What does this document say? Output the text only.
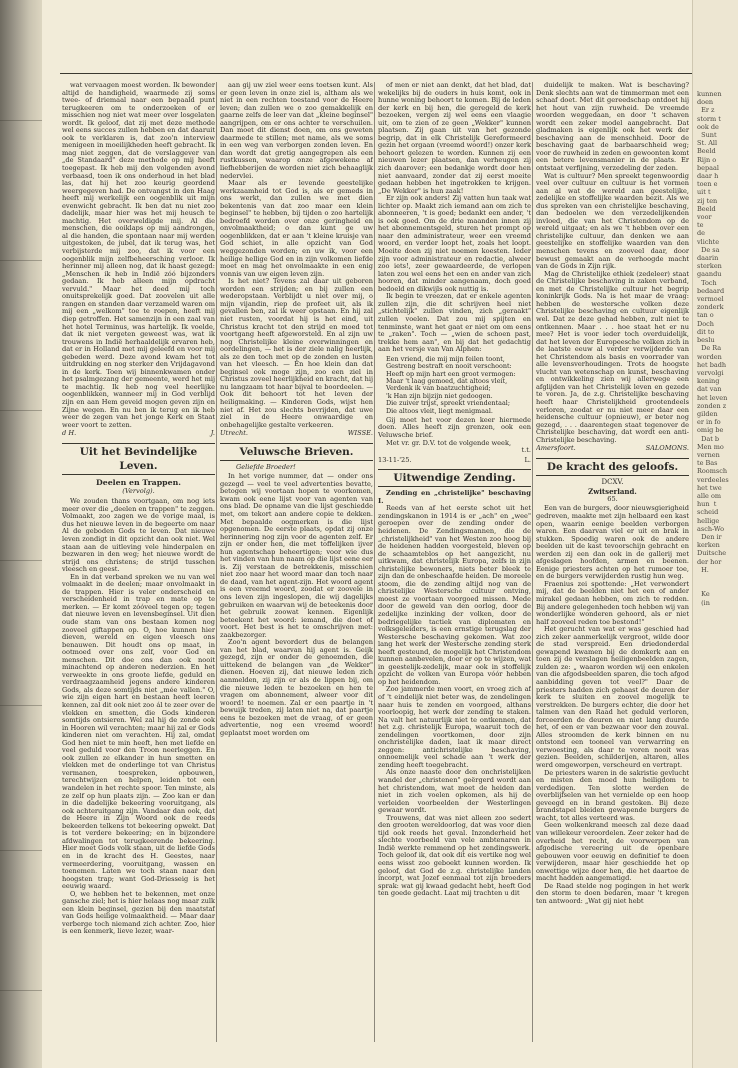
wat vervaagen moest worden. Ik bewonder altijd de handigheid, waarmede zij soms twee- of driemaal naar een bepaald punt terugkeeren om te onderzoeken of er misschien nog niet wat meer over losgelaten wordt. Ik geloof, dat zij met deze methode wel eens succes zullen hebben en dat daaruit ook te verklaren is, dat zoo'n interview menigeen in moeilijkheden heeft gebracht. Ik mag niet zeggen, dat de verslaggever van „de Standaard" deze methode op mij heeft toegepast. Ik heb mij den volgenden avond verbaasd, toen ik ons onderhoud in het blad las, dat hij het zoo keurig geordend weergegeven had. De ontvangst in den Haag heeft mij werkelijk een oogenblik uit mijn evenwicht gebracht. Ik ben dat nu niet zoo dadelijk, maar hier was het mij heusch te machtig. Het overweldigde mij. Al die menschen, die ooiklaps op mij aandrongen, al die handen, die spontaan naar mij werden uitgestoken, de jubel, dat ik terug was, het verbijsterde mij zoo, dat ik voor een oogenblik mijn zelfbeheersching verloor. Ik herinner mij alleen nog, dat ik haast gezegd: „Menschen ik heb in Indië zóó bijzonders gedaan. Ik heb alleen mijn opdracht vervuld." Maar het deed mij toch onuitsprekelijk goed. Dat zoovelen uit alle rangen en standen daar verzameld waren om mij een „welkom" toe te roepen, heeft mij diep getroffen. Het samenzijn in een zaal van het hotel Terminus, was hartelijk. Ik voelde, dat ik niet vergeten geweest was, wat ik trouwens in Indië herhaaldelijk ervaren heb, dat er in Holland met mij geleefd en voor mij gebeden werd. Deze avond kwam het tot uitdrukking en nog sterker den Vrijdagavond in de kerk. Toen wij binnenkwamen onder het psalmgezang der gemeente, werd het mij te machtig. Ik heb nog veel heerlijke oogenblikken, wanneer mij in God verblijd zijn en aan Hem geveid mogen geven zijn en Zijne wegen. En nu ben ik terug en ik heb weer de zegen van het jonge Kerk en Staat weer voort te zetten.

d H.	J.
Uit het Bevindelijke Leven.
Deelen en Trappen.
(Vervolg).

We zouden thans voortgaan, om nog iets meer over die „deelen en trappen" te zeggen. Volmaakt, zoo zagen we de vorige maal, is dus het nieuwe leven in de begeerte om naar Al de geboden Gods te leven. Dat nieuwe leven zondigt in dit opzicht dan ook niet. Wel staan aan de uitleving vele hinderpalen en bezwaren in den weg; het nieuwe wordt de strijd ons christens; de strijd tusschen vleesch en geest.

En in dat verband spreken we nu van wel volmaakt in de deelen; maar onvolmaakt in de trappen. Hier is veler onderscheid en verscheidenheid in trap en mate op te merken. — Er komt zóóveel tegen op; tegen dat nieuwe leven en levensbeginsel. Uit dien oude stam van ons bestaan komen nog zooveel giftappen op. O, hoe kunnen hier dieven, wereld en eigen vleesch ons benauwen. Dit houdt ons op maat, in ootmoed over ons zelf, voor God en menschen. Dit doe ons dan ook nooit minachtend op anderen nederzien. En het verweekte in ons groote liefde, geduld en verdraagzaamheid jegens andere kinderen Gods, als deze somtijds niet „mée vallen." O, wie zijn eigen hart en bestaan heeft leeren kennen, zal dit ook niet zoo ál te zeer over de vlekken en smetten, die Gods kinderen somtijds ontsieren. Wel zal hij de zonde ook in Hooren wil verachten; maar hij zal er Gods kinderen niet om verachten. Hij zal, omdat God hen niet te min heeft, hen met liefde en veel geduld voor den Troon neerleggen. En ook zullen ze elkander in hun smetten en vlekken met de onderlinge tot van Christus vermanen, toespreken, opbouwen, terechtwijzen en helpen, leiden tot een wandelen in het rechte spoor. Ten minste, als ze zelf op hun plaats zijn. — Zoo kan er dan in die dadelijke bekeering vooruitgang, als ook achteruitgang zijn. Vandaar dan ook, dat de Heere in Zijn Woord ook de reeds bekeerden telkens tot bekeering opwekt. Dat is tot verdere bekeering; en in bijzondere afdwalingen tot terugkeerende bekeering. Hier moet Gods volk staan, uit de liefde Gods en in de kracht des H. Geestes, naar vermeerdering, vooruitgang, wassen en toenemen. Laten we toch staan naar den hoogsten trap; want God-Driesseig is het eeuwig waard.

O, we hebben het te bekennen, met onze gansche ziel; het is hier helaas nog maar zulk een klein beginsel, gezien bij den maatstaf van Gods heilige volmaaktheid. — Maar daar verberge toch niemand zich achter. Zoo, hier is een kenmerk, lieve lezer, waar-

aan gij uw ziel weer eens toetsen kunt. Als er geen leven in onze ziel is, altham als we niet in een rechten toestand voor de Heere leven; dan zullen we o zoo gemakkelijk en gaarne zelfs de leer van dat „kleine beginsel" aangrijpen, om er ons achter te verschuilen. Dan moet dit dienst doen, om ons geweten daarmede te stillen; met name, als we soms in een weg van verborgen zonden leven. En dan wordt dat gretig aangegrepen als een rustkussen, waarop onze afgewekene af liefhebberijen de worden niet zich behaaglijk nedervlei.

Maar als er levende geestelijke werkzaamheid tot God is, als er gemeds in ons werkt, dan zullen we met dien bekentenis van dat zoo maar een klein beginsel" te hebben, bij tijden o zoo hartelijk bedroefd worden over onze geringheid en onvolmaaktheid; o dan kunt ge uw oogenblikken, dat er aan 't kleine kruisje van God schiet, in alle opzicht van God weggezonden worden; en uw ik, voor een heilige hellige God en in zijn volkomen liefde moet en mag het onvolmaakte in een enig vonnis van uw eigen leven zijn.

Is het niet? Tevens zal daar uit geboren worden een strijden; en bij zullen een wederopstaan. Verblijdt u niet over mij, o mijn vijandin, riep de profeet uit, als ik gevallen ben, zal ik weer opstaan. En hij zal niet rusten, voordat hij is het eind, uit Christus kracht tot den strijd en moed tot voortgang heeft afgeworsteld. En al zijn uw nog Christelijke kleine overwinningen en oordelingen, — het is der ziele nalig heerlijk, als ze den toch met op de zonden en lusten van het vleesch. — En hoe klein dan dat beginsel ook moge zijn, zoo een ziel in Christus zoveel heerlijkheid en kracht, dat hij nu langzaam tot haar bijval te boordeelen. — Ook dit behoort tot het leven der heiligmaking. — Kinderen Gods, wijst hen niet af. Het zou slechts bevrijden, dat uwe ziel in de Heere onwaardige en onbehagelijke gestalte verkeeren.

Utrecht.	WISSE.
Veluwsche Brieven.
Geliefde Broeder!

In het vorige nummer, dat — onder ons gezegd — veel te veel advertenties bevatte, betogen wij voortaan hopen te voorkomen, kwam ook eene lijst voor van agenten van ons blad. De opname van die lijst geschiedde met, om tekort aan andere copie te dekken. Met bepaalde oogmerken is die lijst opgenomen. De eerste plaats, opdat zij onze herinnering nog zijn voor de agenten zelf. Er zijn er onder hen, die met toffelijken ijver hun agentschap beheertigen; voor wie dus het vinden van hun naam op die lijst eene eer is. Zij verstaan de betrekkenis, misschien niet zoo naar het woord maar dan toch naar de daad, van het agent-zijn. Het woord agent is een vreemd woord, zoodat er zoovele in ons leven zijn ingeslopen, die wij dagelijks gebruiken en waarvan wij de beteekenis door het gebruik zoowat kennen. Eigenlijk beteekent het woord: iemand, die doet of voort. Het best is het te omschrijven met: zaakbezorger.

Zoo'n agent bevordert dus de belangen van het blad, waarvan hij agent is. Geijk gezegd, zijn er onder de genoemden, die uittekend de belangen van „de Wekker" dienen. Hoeven zij, dat nieuwe leden zich aanmelden, zij zijn er als de lippen bij, om die nieuwe leden te bezoeken en hen te vragen om abonnement, alweer voor dit woord! te noemen. Zal er een paartje in 't bewuijk treden, zij laten niet na, dat paartje eens te bezoeken met de vraag, of er geen advertentie, nog een vreemd woord! geplaatst moet worden om

of men er niet aan denkt, dat het blad, dat wekelijks bij de ouders in huis komt, ook in hunne woning behoort te komen. Bij de leden der kerk en bij hen, die geregeld de kerk bezoeken, vergen zij wel eens een vlaagie uit, om te zien of ze geen „Wekker" kunnen plaatsen. Zij gaan uit van het gezonde begrip, dat in elk Christelijk Gereformeerd gezin het orgaan (vreemd woord!) onzer kerk behoort gelezen te worden. Kunnen zij een nieuwen lezer plaatsen, dan verheugen zij zich daarover; een bedankje wordt door hen niet aanvaard, zonder dat zij eerst moeite gedaan hebben het ingetrokken te krijgen. „De Wekker" is hun zaak!

Er zijn ook anders! Zij vatten hun taak wat lichter op. Maakt zich iemand aan om zich te abonneeren, 't is goed; bedankt een ander, 't is ook goed. Om de drie maanden innen zij het abonnementsgeld, sturen het prompt op naar den administrateur, weer een vreemd woord, en verder loopt het, zoals het loopt. Moeite doen zij niet noemen koesten. Ieder zijn voor administrateur en redactie, alweer zoo iets!, zeer gewaardeerde, de verlopen laten zou wel eens het een en ander van zich hooren, dat minder aangenaam, doch goed bedoeld en dikwijls ook nuttig is.

Ik begin te vreezen, dat er enkele agenten zullen zijn, die dit schrijven heel niet „stichtelijk" zullen vinden, zich „geraakt" zullen voelen. Dat zou mij spijten en tenminste, want het gaat er niet om om eens te „raken". Toch — „wien de schoen past, trekke hem aan", en bij dat het gedachtig aan het versje van Van Alphen:

Een vriend, die mij mijn feilen toont,
Gestreng bestraft en nooit verschoont:
Heeft op mijn hart een groot vermogen:
Maar 't laag gemoed, dat altoos vleit,
Verdenk ik van baatzuchtigheid;
'k Han zijn bijzijn niet gedoogen.
Die zuiver trijst, spreekt vriendentaal;
Die altoos vleit, liegt menigmaal.

Gij moet het voor dezen keer hiermede doen. Alles heeft zijn grenzen, ook een Veluwsche brief.

Met vr. gr. D.V. tot de volgende week,

t.t.
13-11-'25.	L.
Uitwendige Zending.

Zending en „christelijke" beschaving I.

Reeds van af het eerste schot uit het zendingskanon in 1914 is er „ach" en „wee" geroepen over de zending onder de heidenen. De Zendingsmannen, die de „christelijkheid" van het Westen zoo hoog bij de heidenen hadden voorgesteld, bleven op de schaamteblos op het aangezicht, nu uitkwam, dat christelijk Europa, zelfs in zijn christelijke bewoners, niets beter bleek te zijn dan de onbeschaafde heiden. De moreele stoom, die de zending altijd nog van de christelijke Westersche cultuur ontving, moest ze voortaan voorgoed missen. Mede door de geweld van den oorlog, door de zedelijke inzinking der volken, door de bedriegelijke tactiek van diplomaten en volksgeleiders, is een ernstige terugslag der Westersche beschaving gekomen. Wat zoo lang het werk der Westersche zending sterk heeft gesteund, de mogelijk het Christendom kunnen aanbevelen, door er op te wijzen, wat in geestelijk-zedelijk, maar ook in stoffelijk opzicht de volken van Europa vóór hebben op het heidendom.

Zoo jammerde men voort, en vroeg zich af of 't eindelijk niet beter was, de zendelingen naar huis te zenden en voorgoed, althans voorloopig, het werk der zending te staken. Na valt het natuurlijk niet te ontkennen, dat het z.g. christelijk Europa, waaruit toch de zendelingen voortkomen, door zijn onchristelijke daden, laat ik maar direct zeggen: antichristelijke beschaving, onnoemelijk veel schade aan 't werk der zending heeft toegebracht.

Als onze naaste door den onchristelijken wandel der „christenen" geërgerd wordt aan het christendom, wat moet de heiden dan niet in zich voelen opkomen, als hij de verleiden voorbeelden der Westerlingen gewaar wordt.

Trouwens, dat was niet alleen zoo sedert den grooten wereldoorlog, dat was voor dien tijd ook reeds het geval. Inzonderheid het slechte voorbeeld van vele ambtenaren in Indië werkte remmend op het zendingswerk. Toch geloof ik, dat ook dit eis vertike nog wel eens wisst zoo geboekt kunnen worden. Ik geloof, dat God de z.g. christelijke landen incorpt, wat Jozef eenmaal tot zijn broeders sprak: wat gij kwaad gedacht hebt, heeft God ten goede gedacht. Laat mij trachten u dit

duidelijk te maken. Wat is beschaving? Denk slechts aan wat de timmerman met een schaaf doet. Met dit gereedschap ontdoet hij het hout van zijn ruwheid. De vreemde woorden weggedaan, en door 't schaven wordt een zeker model aangebracht. Dat gladmaken is eigenlijk ook het werk der beschaving aan de menschheid. Door de beschaving gaat de barbaarschheid weg; voor de ruwheid in zeden en gewoonten komt een betere levensmanier in de plaats. Er ontstaat verfijning, verzedeling der zeden.

Wat is cultuur? Men spreekt tegenwoordig veel over cultuur en cultuur is het vormen aan al wat de wereld aan geestelijke, zedelijke en stoffelijke waarden bezit. Als we dus spreken van een christelijke beschaving, dan bedoelen we den verzedelijkenden invloed, die van het Christendom op de wereld uitgaat; en als we 't hebben over een christelijke cultuur, dan denken we aan geestelijke en stoffelijke waarden van den menschen tevens en zooveel daar, door bewust gemaakt aan de verhoogde macht van de Gods in Zijn rijk.

Mag de Christelijke ethiek (zedeleer) staat de Christelijke beschaving in zaken verband, en met de Christelijke cultuur het begrip koninkrijk Gods. Na is het maar de vraag: hebben de westersche volken deze Christelijke beschaving en cultuur eigenlijk wel. Dat ze deze gehad hebben, zult niet te ontkennen. Maar . . . hoe staat het er nu mee? Het is voor ieder toch overduidelijk, dat het leven der Europeesche volken zich in de laatste eeuw al verder verwijderde van het Christendom als basis en voorrader van alle levensverhoudingen. Trots de hoogste vlucht van wetenschap en kunst, beschaving en ontwikkeling zien wij allerwege een afglijden van het Christelijk leven en gezede te voren. Ja, de z.g. Christelijke beschaving heeft haar Christelijkheid grootendeels verloren, zoodat er nu niet meer daar een heidensche cultuur (opnieuw), er beter nog gezegd, . . . daarentegen staat tegenover de Christelijke beschaving, dat wordt een anti-Christelijke beschaving.

Amersfoort.	SALOMONS.
De kracht des geloofs.
DCXV.
Zwitserland.
65.

Een van de burgers, door nieuwsgierigheid gedreven, maakte met zijn helbaard een kast open, waarin eenige beelden verborgen waren. Een daarvan viel er uit en brak in stukken. Spoedig waren ook de andere beelden uit de kast tevoorschijn gebracht en werden zij een dan ook in de gallerij met afgeslagen hoofden, armen en beenen. Eenige priesters achten op het rumoer toe, en de burgers verwijderden rustig hun weg.

Fraenius zei spottende: „Het verwondert mij, dat de beelden niet het een of ander mirakel gedaan hebben, om zich te redden. Bij andere gelegenheden toch hebben wij van wonderlijke wonderen gehoord, als er niet half zooveel reden toe bestond!"

Het gerucht van wat er was geschied had zich zeker aanmerkelijk vergroot, wilde door de stad verspreid. Een driedonderdal gewapend kwamen bij de domkerk aan en toen zij de verslagen heiligenbeelden zagen, zulden ze: „ waaron worden wij een enkelen van die afgodsbeelden sparen, die toch afgod aanbidding geven tot veel?" Daar de priesters hadden zich gehaast de deuren der kerk te sluiten en zoovel mogelijk te verstrekken. De burgers echter, die door het talmen van den Raad het geduld verloren, forceerden de deuren en niet lang duurde het, of een er van bezwaar voor den zouval. Alles stroomden de kerk binnen en nu ontstond een tooneel van verwarring en verwoesting, als daar te voren nooit was gezien. Beelden, schilderijen, altaren, alles werd omgeworpen, verscheurd en vertrapt.

De priesters waren in de sakristie gevlucht en misten den moed hun heiligdom te verdedigen. Ten slotte werden de overblijfselen van het vernielde op een hoop geveegd en in brand gestoken. Bij deze brandstapel bleiden gewapende burgers de wacht, tot alles verteerd was.

Geen wolkenkrand meesch zal deze daad van willekeur veroordelen. Zeer zeker had de overheid het recht, de voorwerpen van afgodische vereering uit de openbare gebouwen voor eeuwig en definitief te doen verwijderen, maar hier geschiedde het op onwettige wijze door hen, die het daartoe de macht hadden aangematigd.

De Raad stelde nog pogingen in het werk den storm te doen bedaren, maar 't kregen ten antwoord: „Wat gij niet hebt

kunnen
doen
Er z
storm t
ook de
Sunt
St. All
Beeld
Rijn o
bepaal
daar h
toen e
uit t
zij ten
Beeld
voor
te
de
vlichte
De sa
daarin
sterken
gaandu
Toch
bedaard
vermoel
zonderk
tan o
Doch
dit to
beslu
De Ra
worden
het badh
vervolgi
kening
dat van
het leven
zonden z
gilden
er in fo
omig be
Dat b
Men mo
vernen
te Bas
Roomsch
verdeeles
het twe
alle om
hun  t
scheid
hellige
asch-Wo
Den ir
kerken
Duitsche
der hor
H.

Ke
(in
